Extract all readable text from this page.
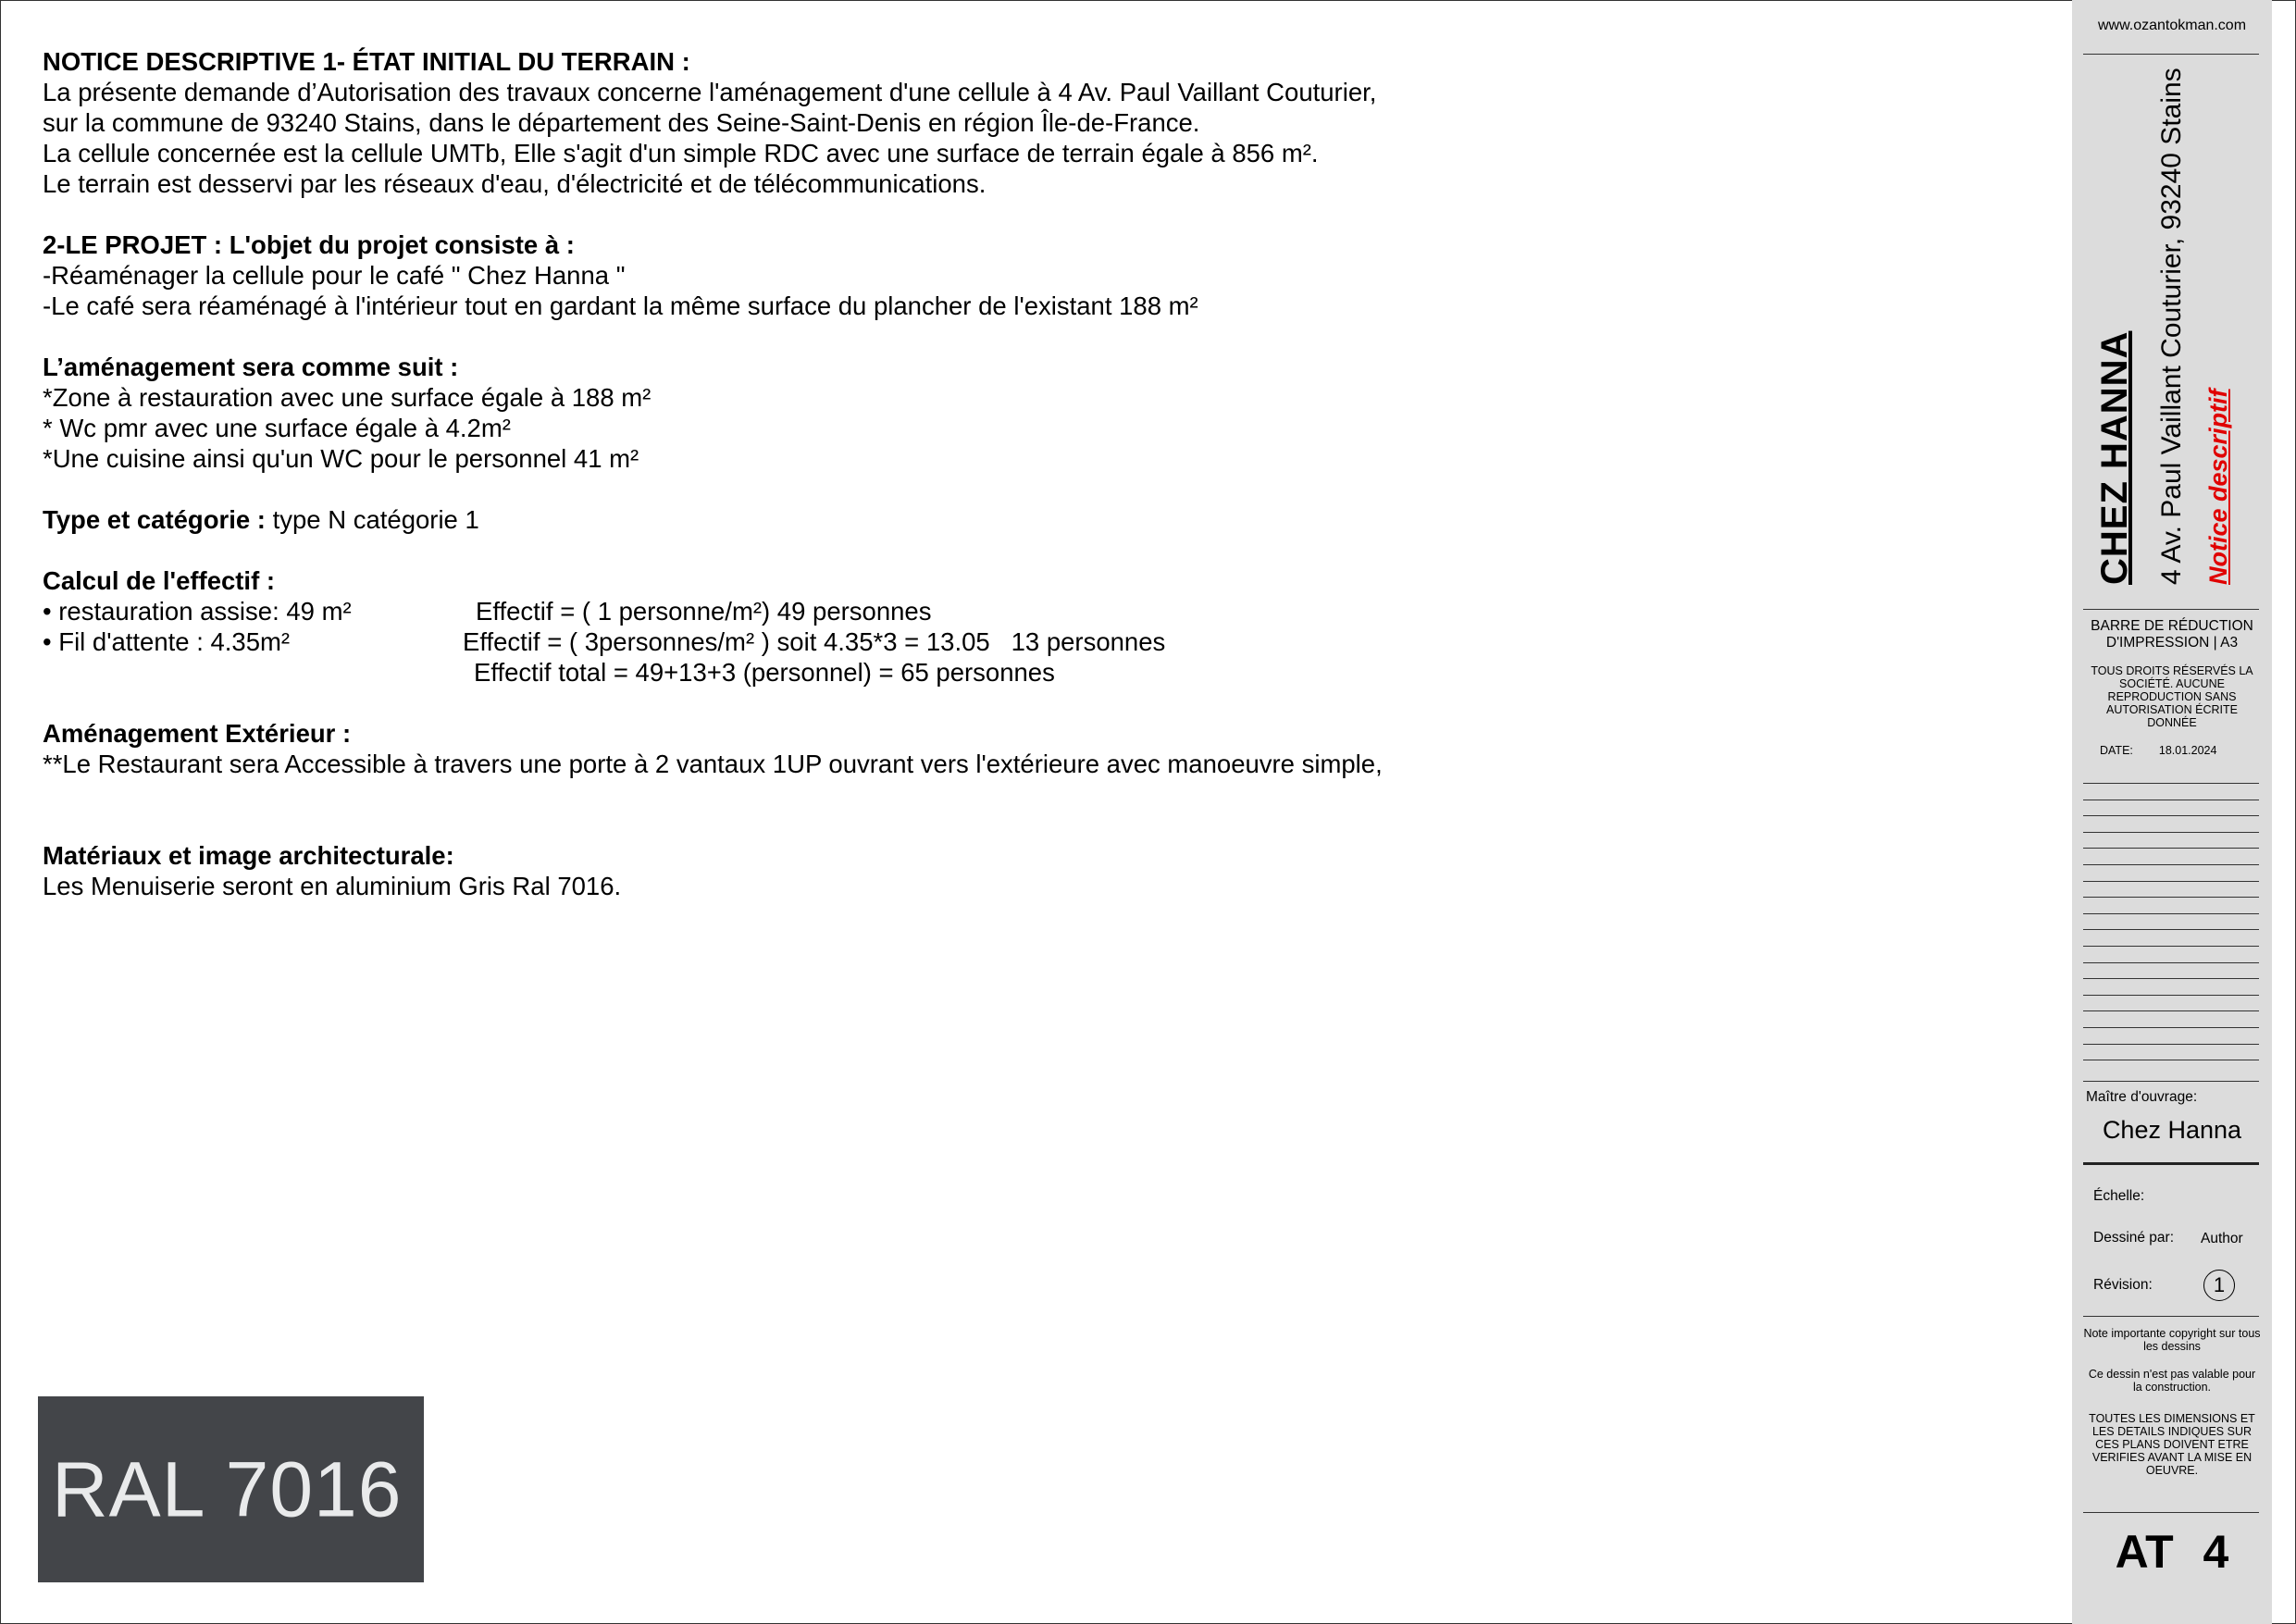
NOTICE DESCRIPTIVE 1- ÉTAT INITIAL DU TERRAIN :

La présente demande d’Autorisation des travaux concerne l'aménagement d'une cellule à 4 Av. Paul Vaillant Couturier,

sur la commune de 93240 Stains, dans le département des Seine-Saint-Denis en région Île-de-France.

La cellule concernée est la cellule UMTb, Elle s'agit d'un simple RDC avec une surface de terrain égale à 856 m².

Le terrain est desservi par les réseaux d'eau, d'électricité et de télécommunications.

2-LE PROJET : L'objet du projet consiste à :

-Réaménager la cellule pour le café " Chez Hanna "

-Le café sera réaménagé à l'intérieur tout en gardant la même surface du plancher de l'existant 188 m²

L’aménagement sera comme suit :

*Zone à restauration avec une surface égale à 188 m²

* Wc pmr avec une surface égale à 4.2m²

*Une cuisine ainsi qu'un WC pour le personnel 41 m²

Type et catégorie : type N catégorie 1

Calcul de l'effectif :

• restauration assise: 49 m²

	Effectif = ( 1 personne/m²) 49 personnes

• Fil d'attente : 4.35m²

	Effectif = ( 3personnes/m² ) soit 4.35*3 = 13.05   13 personnes

Effectif total = 49+13+3 (personnel) = 65 personnes

Aménagement Extérieur :

**Le Restaurant sera Accessible à travers une porte à 2 vantaux 1UP ouvrant vers l'extérieure avec manoeuvre simple,

Matériaux et image architecturale:

Les Menuiserie seront en aluminium Gris Ral 7016.

RAL 7016
www.ozantokman.com
BARRE DE RÉDUCTION D'IMPRESSION | A3
TOUS DROITS RÉSERVÉS LA SOCIÉTÉ. AUCUNE REPRODUCTION SANS AUTORISATION ÉCRITE DONNÉE
DATE: 18.01.2024
Maître d'ouvrage:
Chez Hanna
Échelle:
Dessiné par: Author
Révision:	1
Note importante copyright sur tous les dessins
Ce dessin n'est pas valable pour la construction.
TOUTES LES DIMENSIONS ET LES DETAILS INDIQUES SUR CES PLANS DOIVENT ETRE VERIFIES AVANT LA MISE EN OEUVRE.
AT 4
CHEZ HANNA 4 Av. Paul Vaillant Couturier, 93240 Stains Notice descriptif
